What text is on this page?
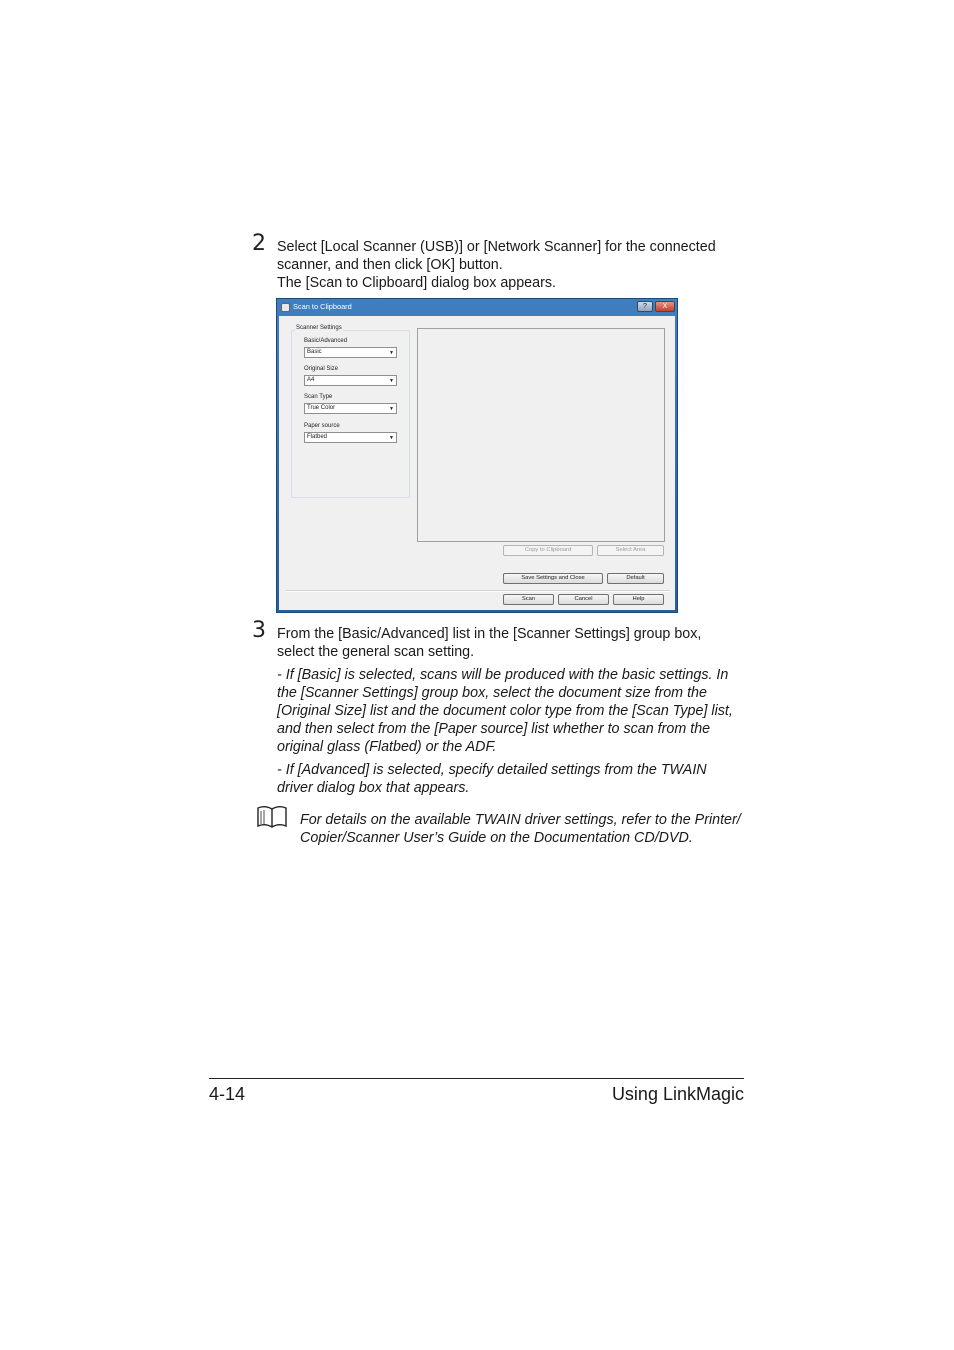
2 Select [Local Scanner (USB)] or [Network Scanner] for the connected
scanner, and then click [OK] button.
The [Scan to Clipboard] dialog box appears.
Scan to Clipboard	?	X
Scanner Settings
Basic/Advanced
Basic	▼
Original Size
A4	▼
Scan Type
True Color	▼
Paper source
Flatbed	▼
Copy to Clipboard	Select Area
Save Settings and Close	Default
Scan	Cancel	Help
3 From the [Basic/Advanced] list in the [Scanner Settings] group box,
select the general scan setting.
- If [Basic] is selected, scans will be produced with the basic settings. In
the [Scanner Settings] group box, select the document size from the
[Original Size] list and the document color type from the [Scan Type] list,
and then select from the [Paper source] list whether to scan from the
original glass (Flatbed) or the ADF.
- If [Advanced] is selected, specify detailed settings from the TWAIN
driver dialog box that appears.
For details on the available TWAIN driver settings, refer to the Printer/
Copier/Scanner User’s Guide on the Documentation CD/DVD.
4-14	Using LinkMagic
